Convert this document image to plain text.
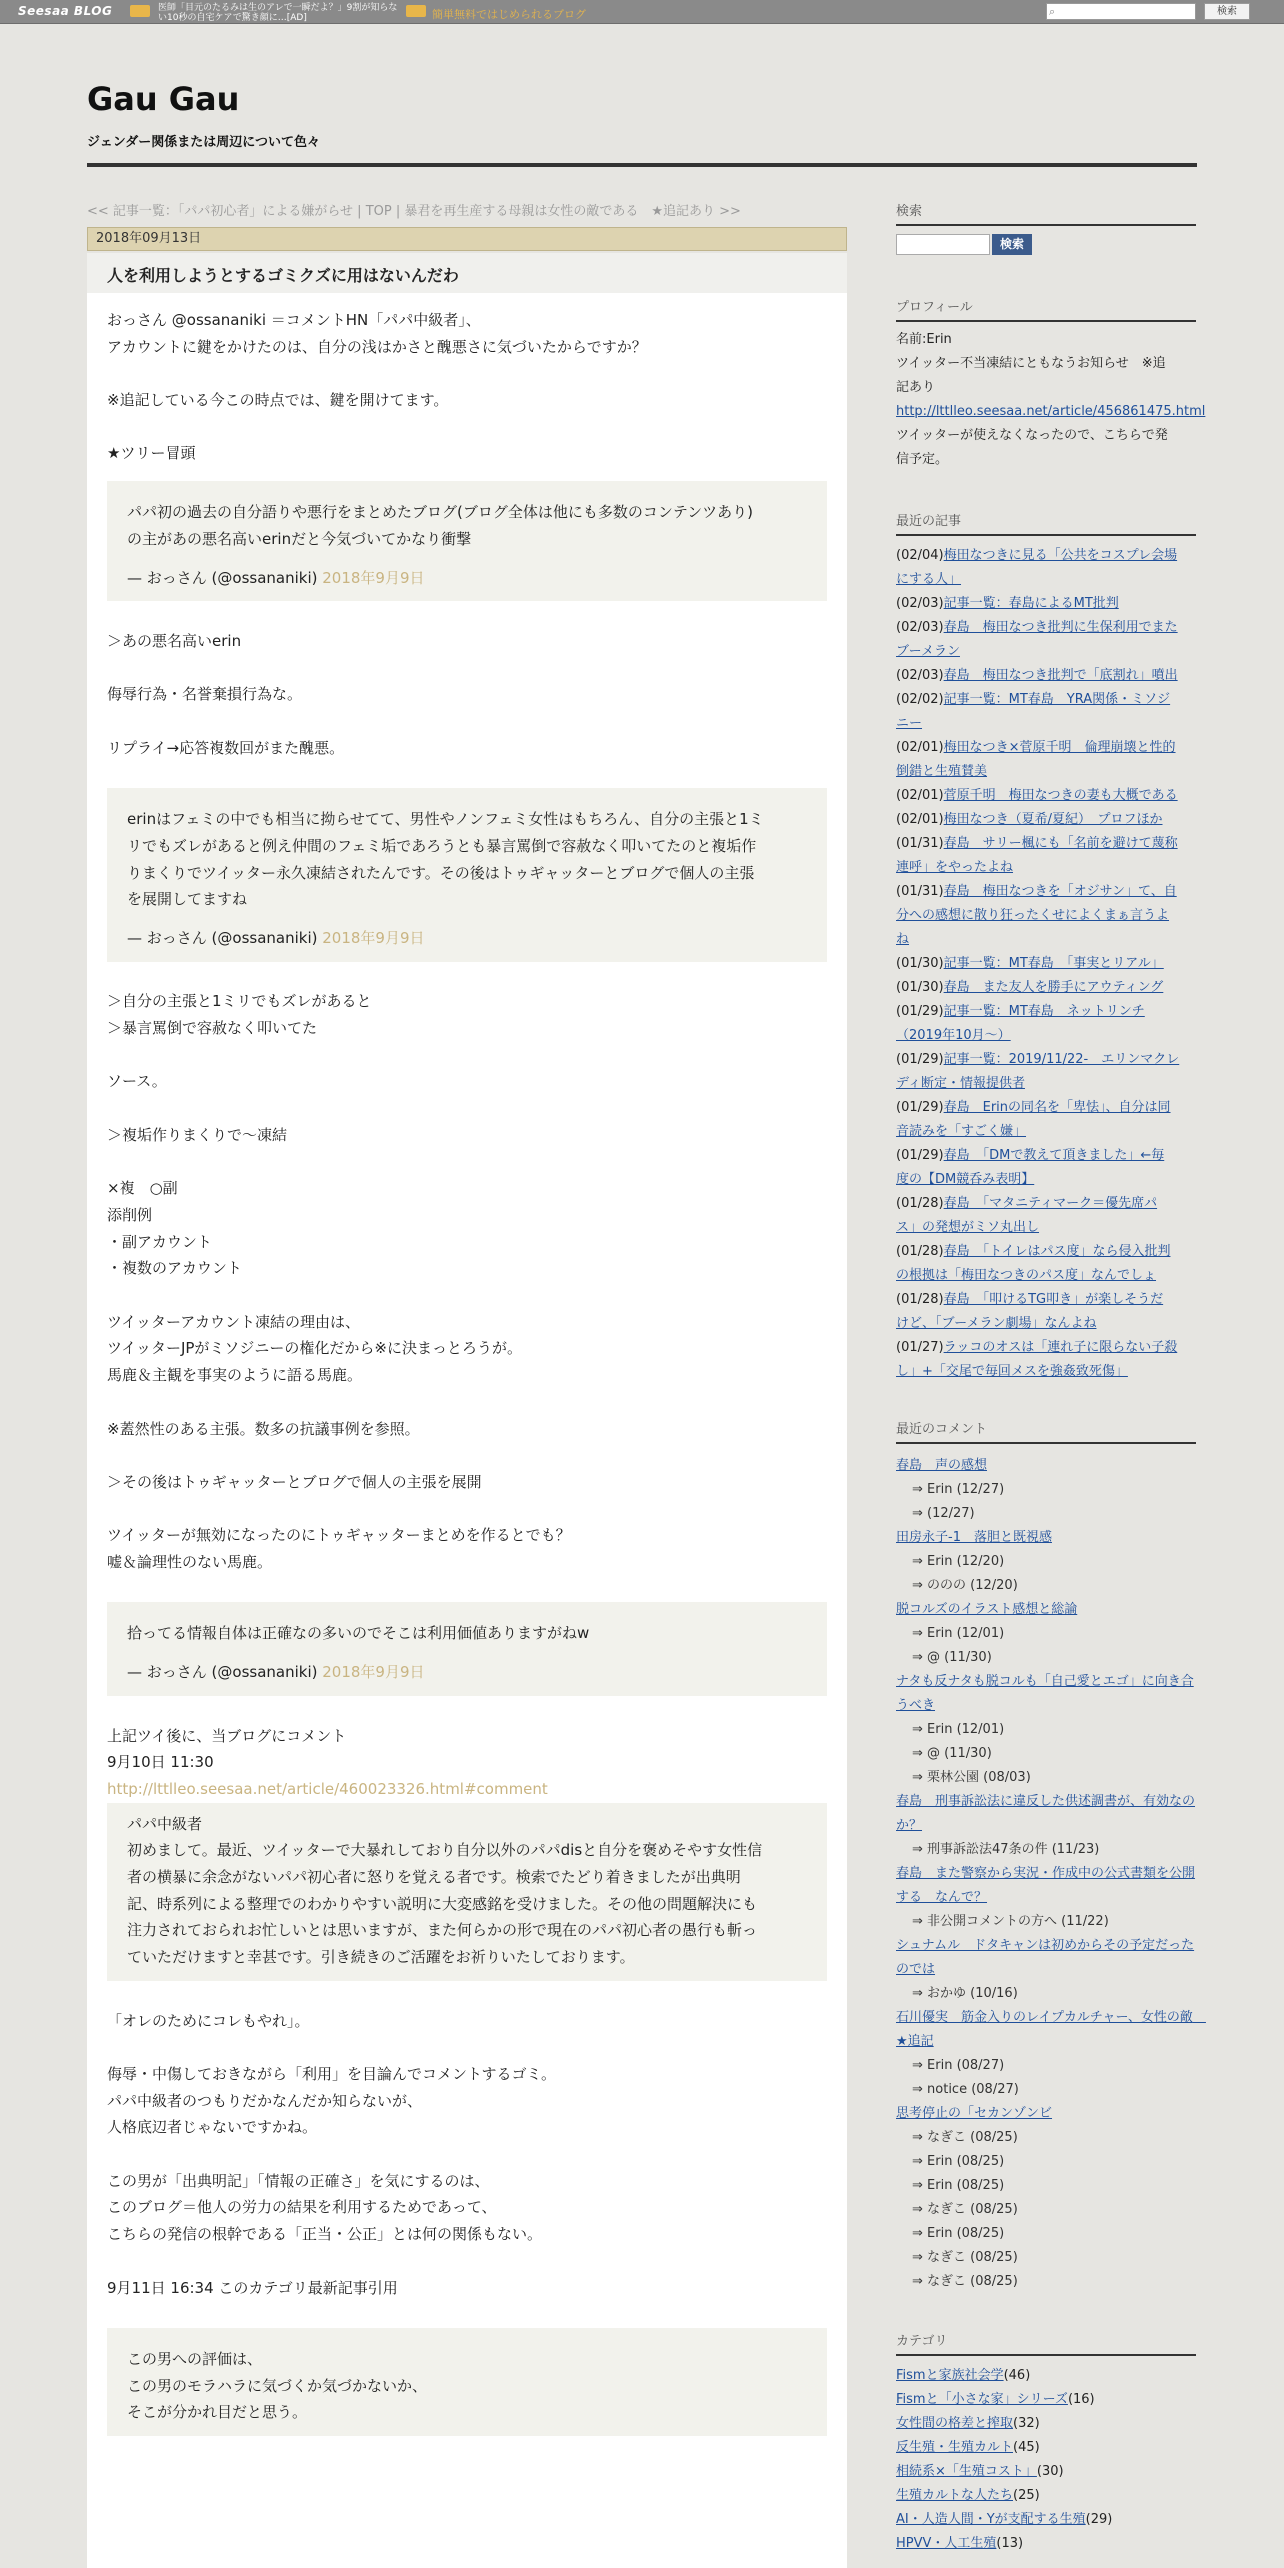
Seesaa BLOG	医師「目元のたるみは生のアレで一瞬だよ？」9割が知らない10秒の自宅ケアで驚き顔に…[AD]	簡単無料ではじめられるブログ	⌕	検索
Gau Gau
ジェンダー関係または周辺について色々
<< 記事一覧：「パパ初心者」による嫌がらせ | TOP | 暴君を再生産する母親は女性の敵である　★追記あり >>
2018年09月13日
人を利用しようとするゴミクズに用はないんだわ

おっさん @ossananiki ＝コメントHN「パパ中級者」、

アカウントに鍵をかけたのは、自分の浅はかさと醜悪さに気づいたからですか？

※追記している今この時点では、鍵を開けてます。

★ツリー冒頭

パパ初の過去の自分語りや悪行をまとめたブログ(ブログ全体は他にも多数のコンテンツあり)

の主があの悪名高いerinだと今気づいてかなり衝撃

— おっさん (@ossananiki) 2018年9月9日

＞あの悪名高いerin

侮辱行為・名誉棄損行為な。

リプライ→応答複数回がまた醜悪。

erinはフェミの中でも相当に拗らせてて、男性やノンフェミ女性はもちろん、自分の主張と1ミ

リでもズレがあると例え仲間のフェミ垢であろうとも暴言罵倒で容赦なく叩いてたのと複垢作

りまくりでツイッター永久凍結されたんです。その後はトゥギャッターとブログで個人の主張

を展開してますね

— おっさん (@ossananiki) 2018年9月9日

＞自分の主張と1ミリでもズレがあると

＞暴言罵倒で容赦なく叩いてた

ソース。

＞複垢作りまくりで～凍結

×複　○副

添削例

・副アカウント

・複数のアカウント

ツイッターアカウント凍結の理由は、

ツイッターJPがミソジニーの権化だから※に決まっとろうが。

馬鹿＆主観を事実のように語る馬鹿。

※蓋然性のある主張。数多の抗議事例を参照。

＞その後はトゥギャッターとブログで個人の主張を展開

ツイッターが無効になったのにトゥギャッターまとめを作るとでも？

嘘＆論理性のない馬鹿。

拾ってる情報自体は正確なの多いのでそこは利用価値ありますがねw

— おっさん (@ossananiki) 2018年9月9日

上記ツイ後に、当ブログにコメント

9月10日 11:30

http://lttlleo.seesaa.net/article/460023326.html#comment

パパ中級者

初めまして。最近、ツイッターで大暴れしており自分以外のパパdisと自分を褒めそやす女性信

者の横暴に余念がないパパ初心者に怒りを覚える者です。検索でたどり着きましたが出典明

記、時系列による整理でのわかりやすい説明に大変感銘を受けました。その他の問題解決にも

注力されておられお忙しいとは思いますが、また何らかの形で現在のパパ初心者の愚行も斬っ

ていただけますと幸甚です。引き続きのご活躍をお祈りいたしております。

「オレのためにコレもやれ」。

侮辱・中傷しておきながら「利用」を目論んでコメントするゴミ。

パパ中級者のつもりだかなんだか知らないが、

人格底辺者じゃないですかね。

この男が「出典明記」「情報の正確さ」を気にするのは、

このブログ＝他人の労力の結果を利用するためであって、

こちらの発信の根幹である「正当・公正」とは何の関係もない。

9月11日 16:34 このカテゴリ最新記事引用

この男への評価は、

この男のモラハラに気づくか気づかないか、

そこが分かれ目だと思う。

検索
検索
プロフィール
名前:Erin
ツイッター不当凍結にともなうお知らせ　※追
記あり
http://lttlleo.seesaa.net/article/456861475.html
ツイッターが使えなくなったので、こちらで発
信予定。
最近の記事
(02/04)梅田なつきに見る「公共をコスプレ会場
にする人」
(02/03)記事一覧：春島によるMT批判
(02/03)春島　梅田なつき批判に生保利用でまた
ブーメラン
(02/03)春島　梅田なつき批判で「底割れ」噴出
(02/02)記事一覧：MT春島　YRA関係・ミソジ
ニー
(02/01)梅田なつき×菅原千明　倫理崩壊と性的
倒錯と生殖賛美
(02/01)菅原千明　梅田なつきの妻も大概である
(02/01)梅田なつき（夏希/夏紀）　プロフほか
(01/31)春島　サリー楓にも「名前を避けて蔑称
連呼」をやったよね
(01/31)春島　梅田なつきを「オジサン」て、自
分への感想に散り狂ったくせによくまぁ言うよ
ね
(01/30)記事一覧：MT春島　「事実とリアル」
(01/30)春島　また友人を勝手にアウティング
(01/29)記事一覧：MT春島　ネットリンチ
（2019年10月～）
(01/29)記事一覧：2019/11/22-　エリンマクレ
ディ断定・情報提供者
(01/29)春島　Erinの同名を「卑怯」、自分は同
音読みを「すごく嫌」
(01/29)春島　「DMで教えて頂きました」←毎
度の【DM競呑み表明】
(01/28)春島　「マタニティマーク＝優先席パ
ス」の発想がミソ丸出し
(01/28)春島　「トイレはパス度」なら侵入批判
の根拠は「梅田なつきのパス度」なんでしょ
(01/28)春島　「叩けるTG叩き」が楽しそうだ
けど、「ブーメラン劇場」なんよね
(01/27)ラッコのオスは「連れ子に限らない子殺
し」+「交尾で毎回メスを強姦致死傷」
最近のコメント
春島　声の感想
⇒ Erin (12/27)
⇒ (12/27)
田房永子-1　落胆と既視感
⇒ Erin (12/20)
⇒ ののの (12/20)
脱コルズのイラスト感想と総論
⇒ Erin (12/01)
⇒ @ (11/30)
ナタも反ナタも脱コルも「自己愛とエゴ」に向き合うべき
⇒ Erin (12/01)
⇒ @ (11/30)
⇒ 栗林公園 (08/03)
春島　刑事訴訟法に違反した供述調書が、有効なのか？
⇒ 刑事訴訟法47条の件 (11/23)
春島　また警察から実況・作成中の公式書類を公開する　なんで？
⇒ 非公開コメントの方へ (11/22)
シュナムル　ドタキャンは初めからその予定だったのでは
⇒ おかゆ (10/16)
石川優実　筋金入りのレイプカルチャー、女性の敵　★追記
⇒ Erin (08/27)
⇒ notice (08/27)
思考停止の「セカンゾンビ
⇒ なぎこ (08/25)
⇒ Erin (08/25)
⇒ Erin (08/25)
⇒ なぎこ (08/25)
⇒ Erin (08/25)
⇒ なぎこ (08/25)
⇒ なぎこ (08/25)
カテゴリ
Fismと家族社会学(46)
Fismと「小さな家」シリーズ(16)
女性間の格差と搾取(32)
反生殖・生殖カルト(45)
相続系×「生殖コスト」(30)
生殖カルトな人たち(25)
AI・人造人間・Yが支配する生殖(29)
HPVV・人工生殖(13)
